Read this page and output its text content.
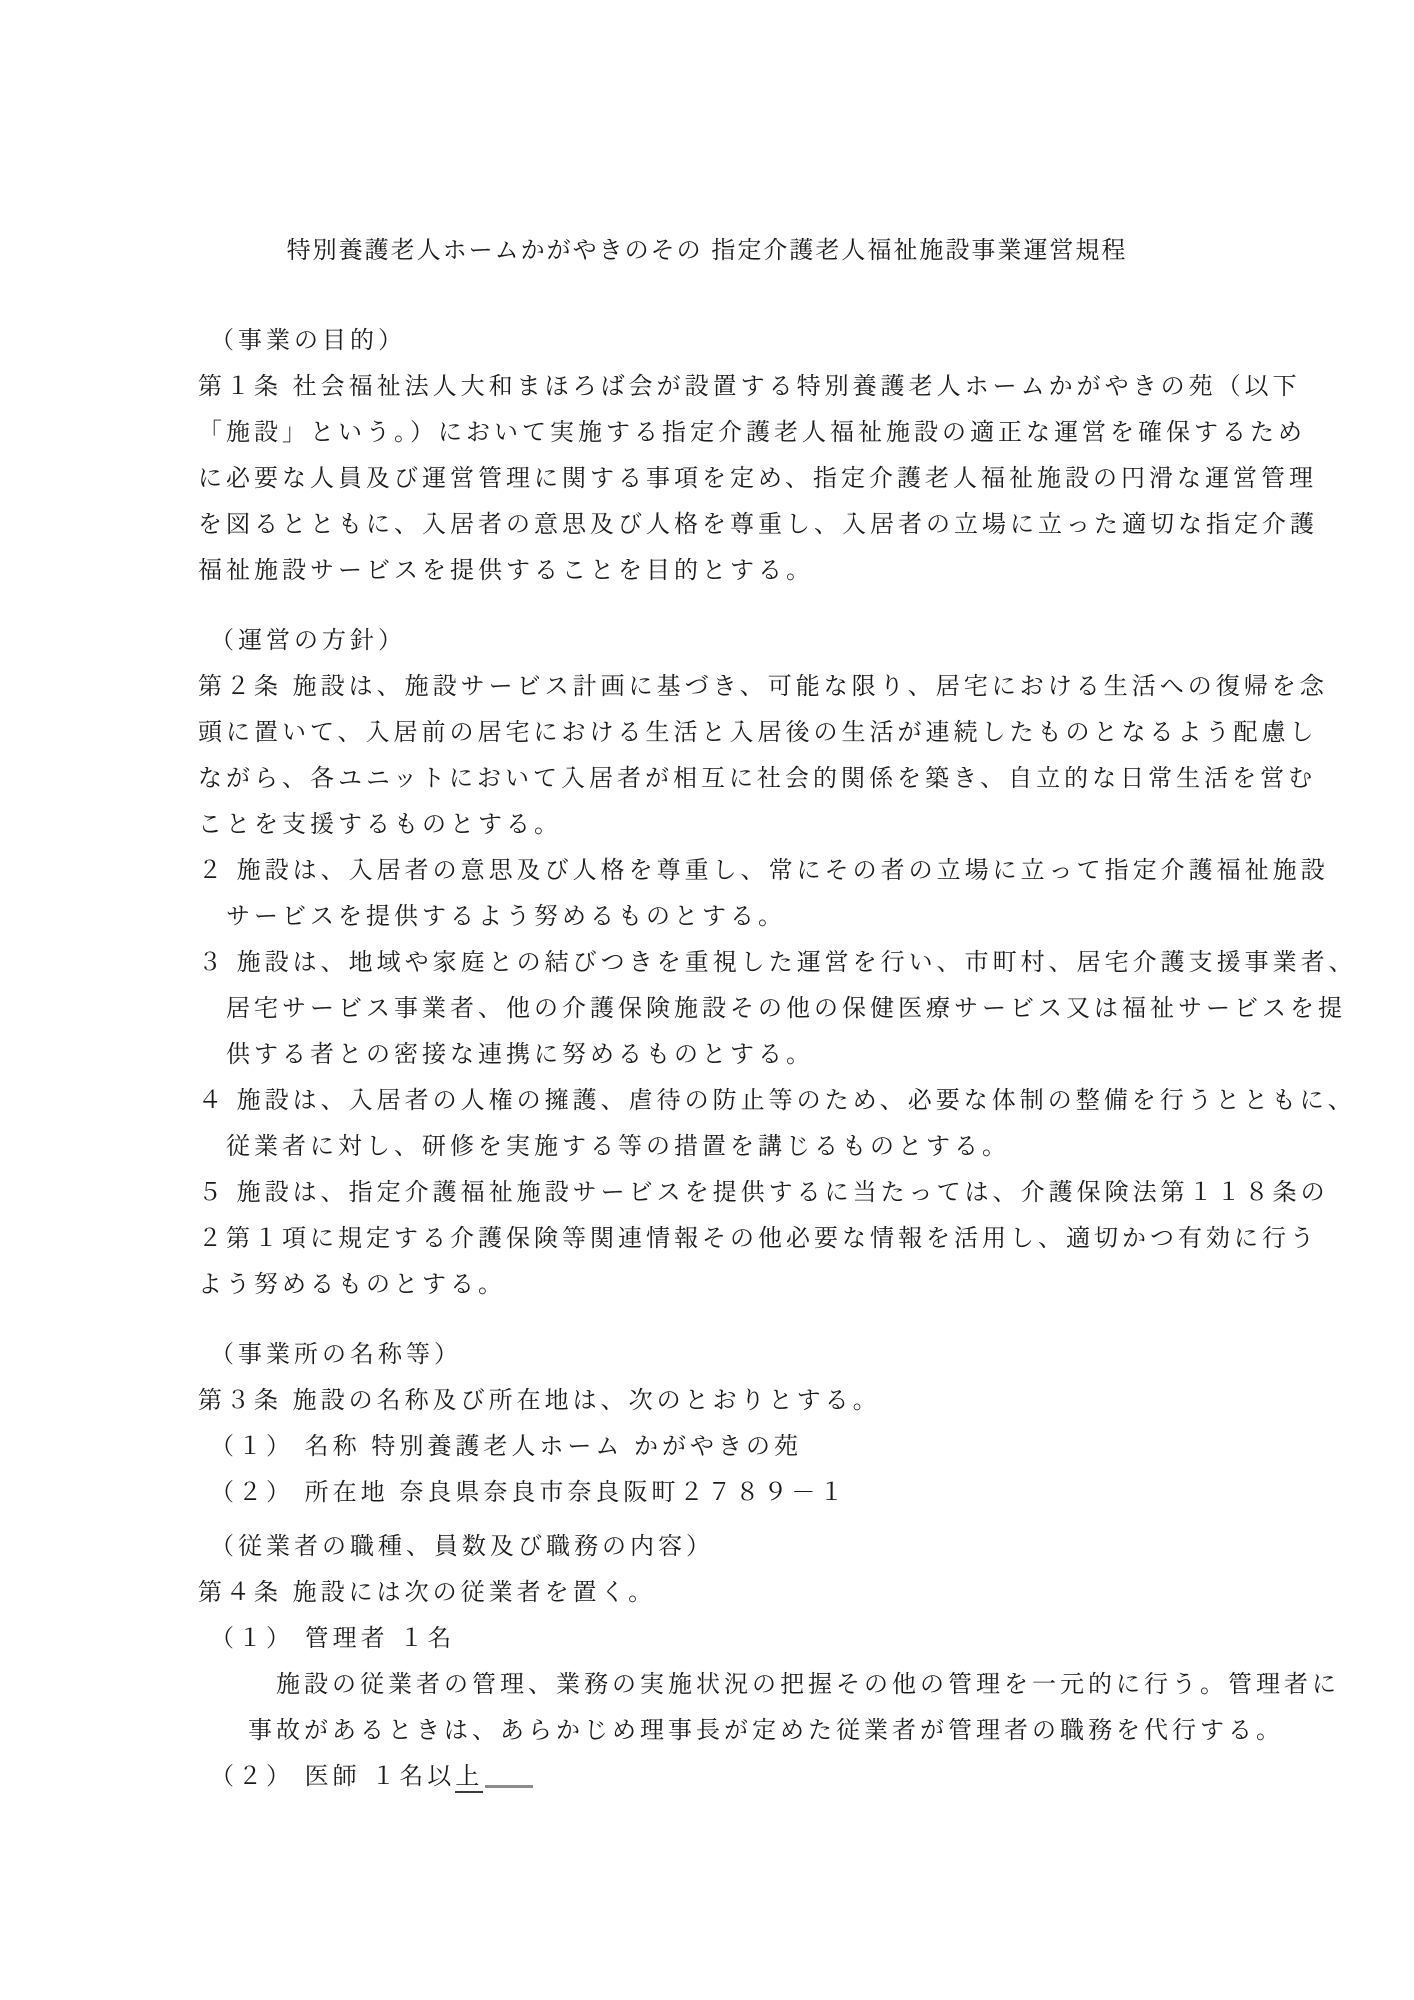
特別養護老人ホームかがやきのその 指定介護老人福祉施設事業運営規程
（事業の目的）
第１条 社会福祉法人大和まほろば会が設置する特別養護老人ホームかがやきの苑（以下
「施設」という。）において実施する指定介護老人福祉施設の適正な運営を確保するため
に必要な人員及び運営管理に関する事項を定め、指定介護老人福祉施設の円滑な運営管理
を図るとともに、入居者の意思及び人格を尊重し、入居者の立場に立った適切な指定介護
福祉施設サービスを提供することを目的とする。
（運営の方針）
第２条 施設は、施設サービス計画に基づき、可能な限り、居宅における生活への復帰を念
頭に置いて、入居前の居宅における生活と入居後の生活が連続したものとなるよう配慮し
ながら、各ユニットにおいて入居者が相互に社会的関係を築き、自立的な日常生活を営む
ことを支援するものとする。
２ 施設は、入居者の意思及び人格を尊重し、常にその者の立場に立って指定介護福祉施設
サービスを提供するよう努めるものとする。
３ 施設は、地域や家庭との結びつきを重視した運営を行い、市町村、居宅介護支援事業者、
居宅サービス事業者、他の介護保険施設その他の保健医療サービス又は福祉サービスを提
供する者との密接な連携に努めるものとする。
４ 施設は、入居者の人権の擁護、虐待の防止等のため、必要な体制の整備を行うとともに、
従業者に対し、研修を実施する等の措置を講じるものとする。
５ 施設は、指定介護福祉施設サービスを提供するに当たっては、介護保険法第１１８条の
２第１項に規定する介護保険等関連情報その他必要な情報を活用し、適切かつ有効に行う
よう努めるものとする。
（事業所の名称等）
第３条 施設の名称及び所在地は、次のとおりとする。
（１） 名称 特別養護老人ホーム かがやきの苑
（２） 所在地 奈良県奈良市奈良阪町２７８９－１
（従業者の職種、員数及び職務の内容）
第４条 施設には次の従業者を置く。
（１） 管理者 １名
施設の従業者の管理、業務の実施状況の把握その他の管理を一元的に行う。管理者に
事故があるときは、あらかじめ理事長が定めた従業者が管理者の職務を代行する。
（２） 医師 １名以上
